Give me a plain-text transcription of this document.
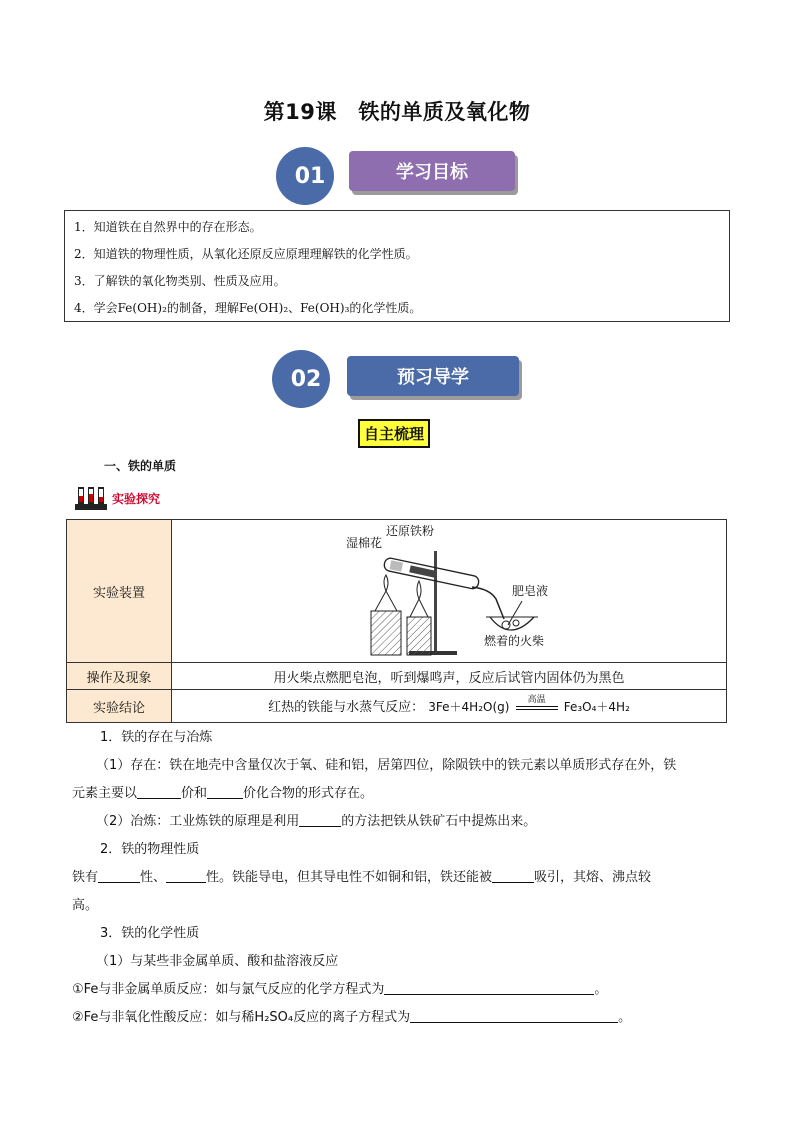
第19课　铁的单质及氧化物
01	学习目标
1．知道铁在自然界中的存在形态。
2．知道铁的物理性质，从氧化还原反应原理理解铁的化学性质。
3．了解铁的氧化物类别、性质及应用。
4．学会Fe(OH)₂的制备，理解Fe(OH)₂、Fe(OH)₃的化学性质。
02	预习导学
自主梳理
一、铁的单质
实验探究
实验装置	湿棉花
还原铁粉
肥皂液
燃着的火柴

操作及现象	用火柴点燃肥皂泡，听到爆鸣声，反应后试管内固体仍为黑色
实验结论	红热的铁能与水蒸气反应： 3Fe＋4H₂O(g) 高温 Fe₃O₄＋4H₂
1．铁的存在与冶炼
（1）存在：铁在地壳中含量仅次于氧、硅和铝，居第四位，除陨铁中的铁元素以单质形式存在外，铁
元素主要以	价和	价化合物的形式存在。
（2）冶炼：工业炼铁的原理是利用	的方法把铁从铁矿石中提炼出来。
2．铁的物理性质
铁有	性、	性。铁能导电，但其导电性不如铜和铝，铁还能被	吸引，其熔、沸点较
高。
3．铁的化学性质
（1）与某些非金属单质、酸和盐溶液反应
①Fe与非金属单质反应：如与氯气反应的化学方程式为	。
②Fe与非氧化性酸反应：如与稀H₂SO₄反应的离子方程式为	。
